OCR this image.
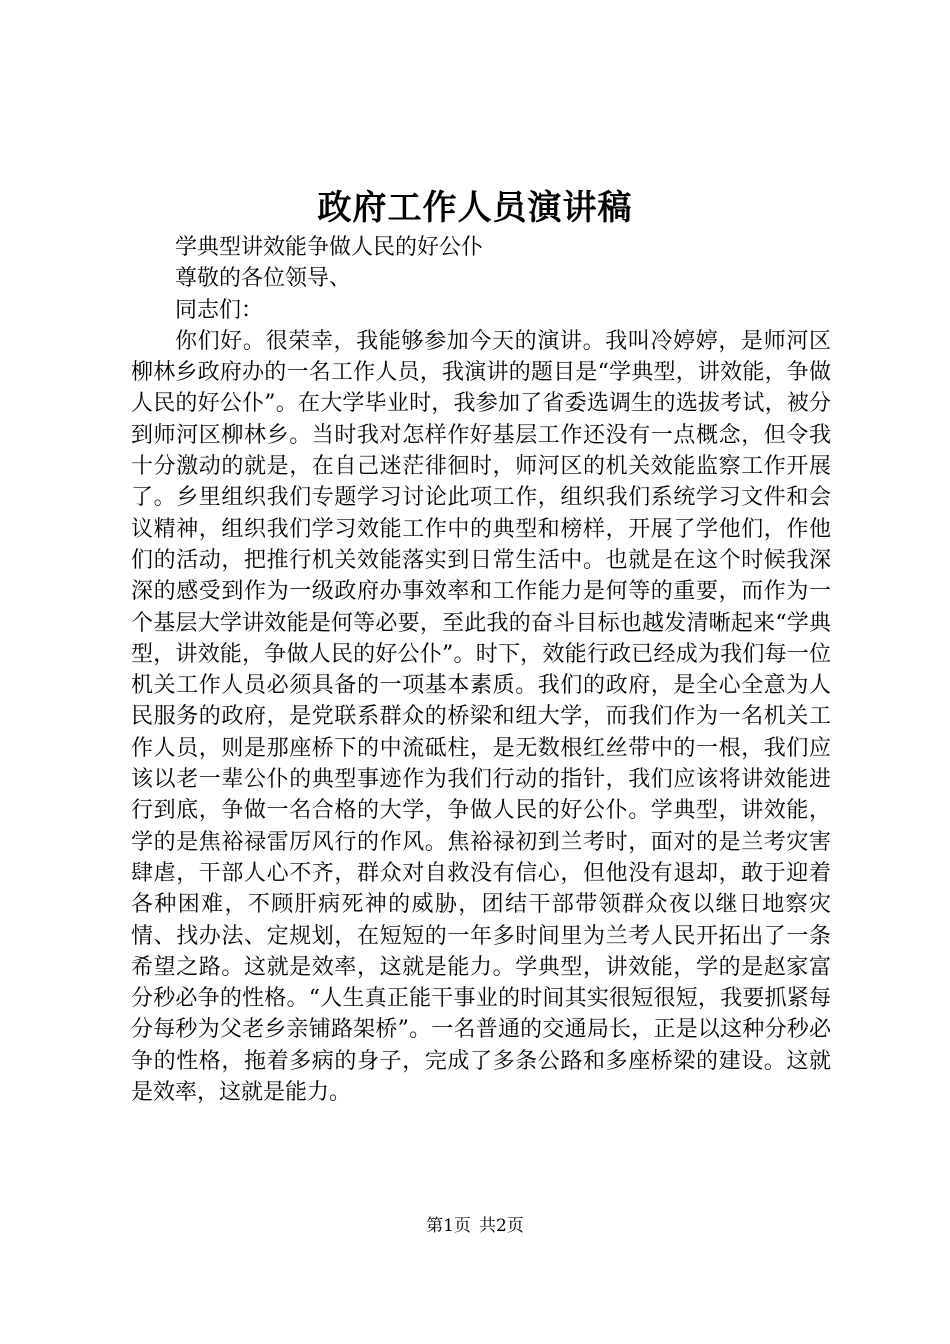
政府工作人员演讲稿

学典型讲效能争做人民的好公仆

尊敬的各位领导、

同志们：

你们好。很荣幸，我能够参加今天的演讲。我叫冷婷婷，是师河区柳林乡政府办的一名工作人员，我演讲的题目是“学典型，讲效能，争做人民的好公仆”。在大学毕业时，我参加了省委选调生的选拔考试，被分到师河区柳林乡。当时我对怎样作好基层工作还没有一点概念，但令我十分激动的就是，在自己迷茫徘徊时，师河区的机关效能监察工作开展了。乡里组织我们专题学习讨论此项工作，组织我们系统学习文件和会议精神，组织我们学习效能工作中的典型和榜样，开展了学他们，作他们的活动，把推行机关效能落实到日常生活中。也就是在这个时候我深深的感受到作为一级政府办事效率和工作能力是何等的重要，而作为一个基层大学讲效能是何等必要，至此我的奋斗目标也越发清晰起来“学典型，讲效能，争做人民的好公仆”。时下，效能行政已经成为我们每一位机关工作人员必须具备的一项基本素质。我们的政府，是全心全意为人民服务的政府，是党联系群众的桥梁和纽大学，而我们作为一名机关工作人员，则是那座桥下的中流砥柱，是无数根红丝带中的一根，我们应该以老一辈公仆的典型事迹作为我们行动的指针，我们应该将讲效能进行到底，争做一名合格的大学，争做人民的好公仆。学典型，讲效能，学的是焦裕禄雷厉风行的作风。焦裕禄初到兰考时，面对的是兰考灾害肆虐，干部人心不齐，群众对自救没有信心，但他没有退却，敢于迎着各种困难，不顾肝病死神的威胁，团结干部带领群众夜以继日地察灾情、找办法、定规划，在短短的一年多时间里为兰考人民开拓出了一条希望之路。这就是效率，这就是能力。学典型，讲效能，学的是赵家富分秒必争的性格。“人生真正能干事业的时间其实很短很短，我要抓紧每分每秒为父老乡亲铺路架桥”。一名普通的交通局长，正是以这种分秒必争的性格，拖着多病的身子，完成了多条公路和多座桥梁的建设。这就是效率，这就是能力。

第1页 共2页
